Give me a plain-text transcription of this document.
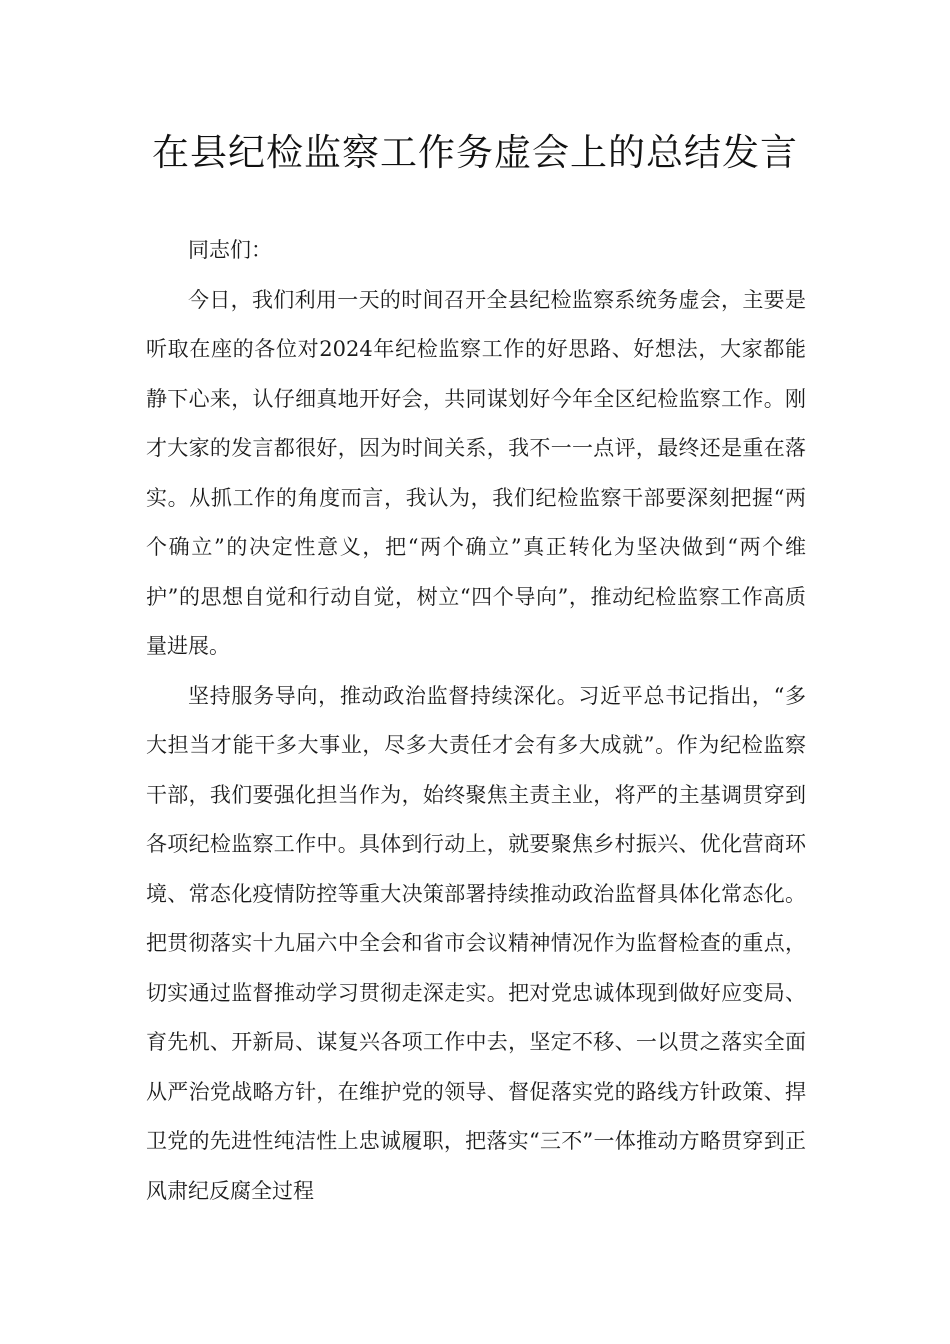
在县纪检监察工作务虚会上的总结发言

同志们：

今日，我们利用一天的时间召开全县纪检监察系统务虚会，主要是听取在座的各位对2024年纪检监察工作的好思路、好想法，大家都能静下心来，认仔细真地开好会，共同谋划好今年全区纪检监察工作。刚才大家的发言都很好，因为时间关系，我不一一点评，最终还是重在落实。从抓工作的角度而言，我认为，我们纪检监察干部要深刻把握“两个确立”的决定性意义，把“两个确立”真正转化为坚决做到“两个维护”的思想自觉和行动自觉，树立“四个导向”，推动纪检监察工作高质量进展。

坚持服务导向，推动政治监督持续深化。习近平总书记指出，“多大担当才能干多大事业，尽多大责任才会有多大成就”。作为纪检监察干部，我们要强化担当作为，始终聚焦主责主业，将严的主基调贯穿到各项纪检监察工作中。具体到行动上，就要聚焦乡村振兴、优化营商环境、常态化疫情防控等重大决策部署持续推动政治监督具体化常态化。把贯彻落实十九届六中全会和省市会议精神情况作为监督检查的重点，切实通过监督推动学习贯彻走深走实。把对党忠诚体现到做好应变局、育先机、开新局、谋复兴各项工作中去，坚定不移、一以贯之落实全面从严治党战略方针，在维护党的领导、督促落实党的路线方针政策、捍卫党的先进性纯洁性上忠诚履职，把落实“三不”一体推动方略贯穿到正风肃纪反腐全过程
